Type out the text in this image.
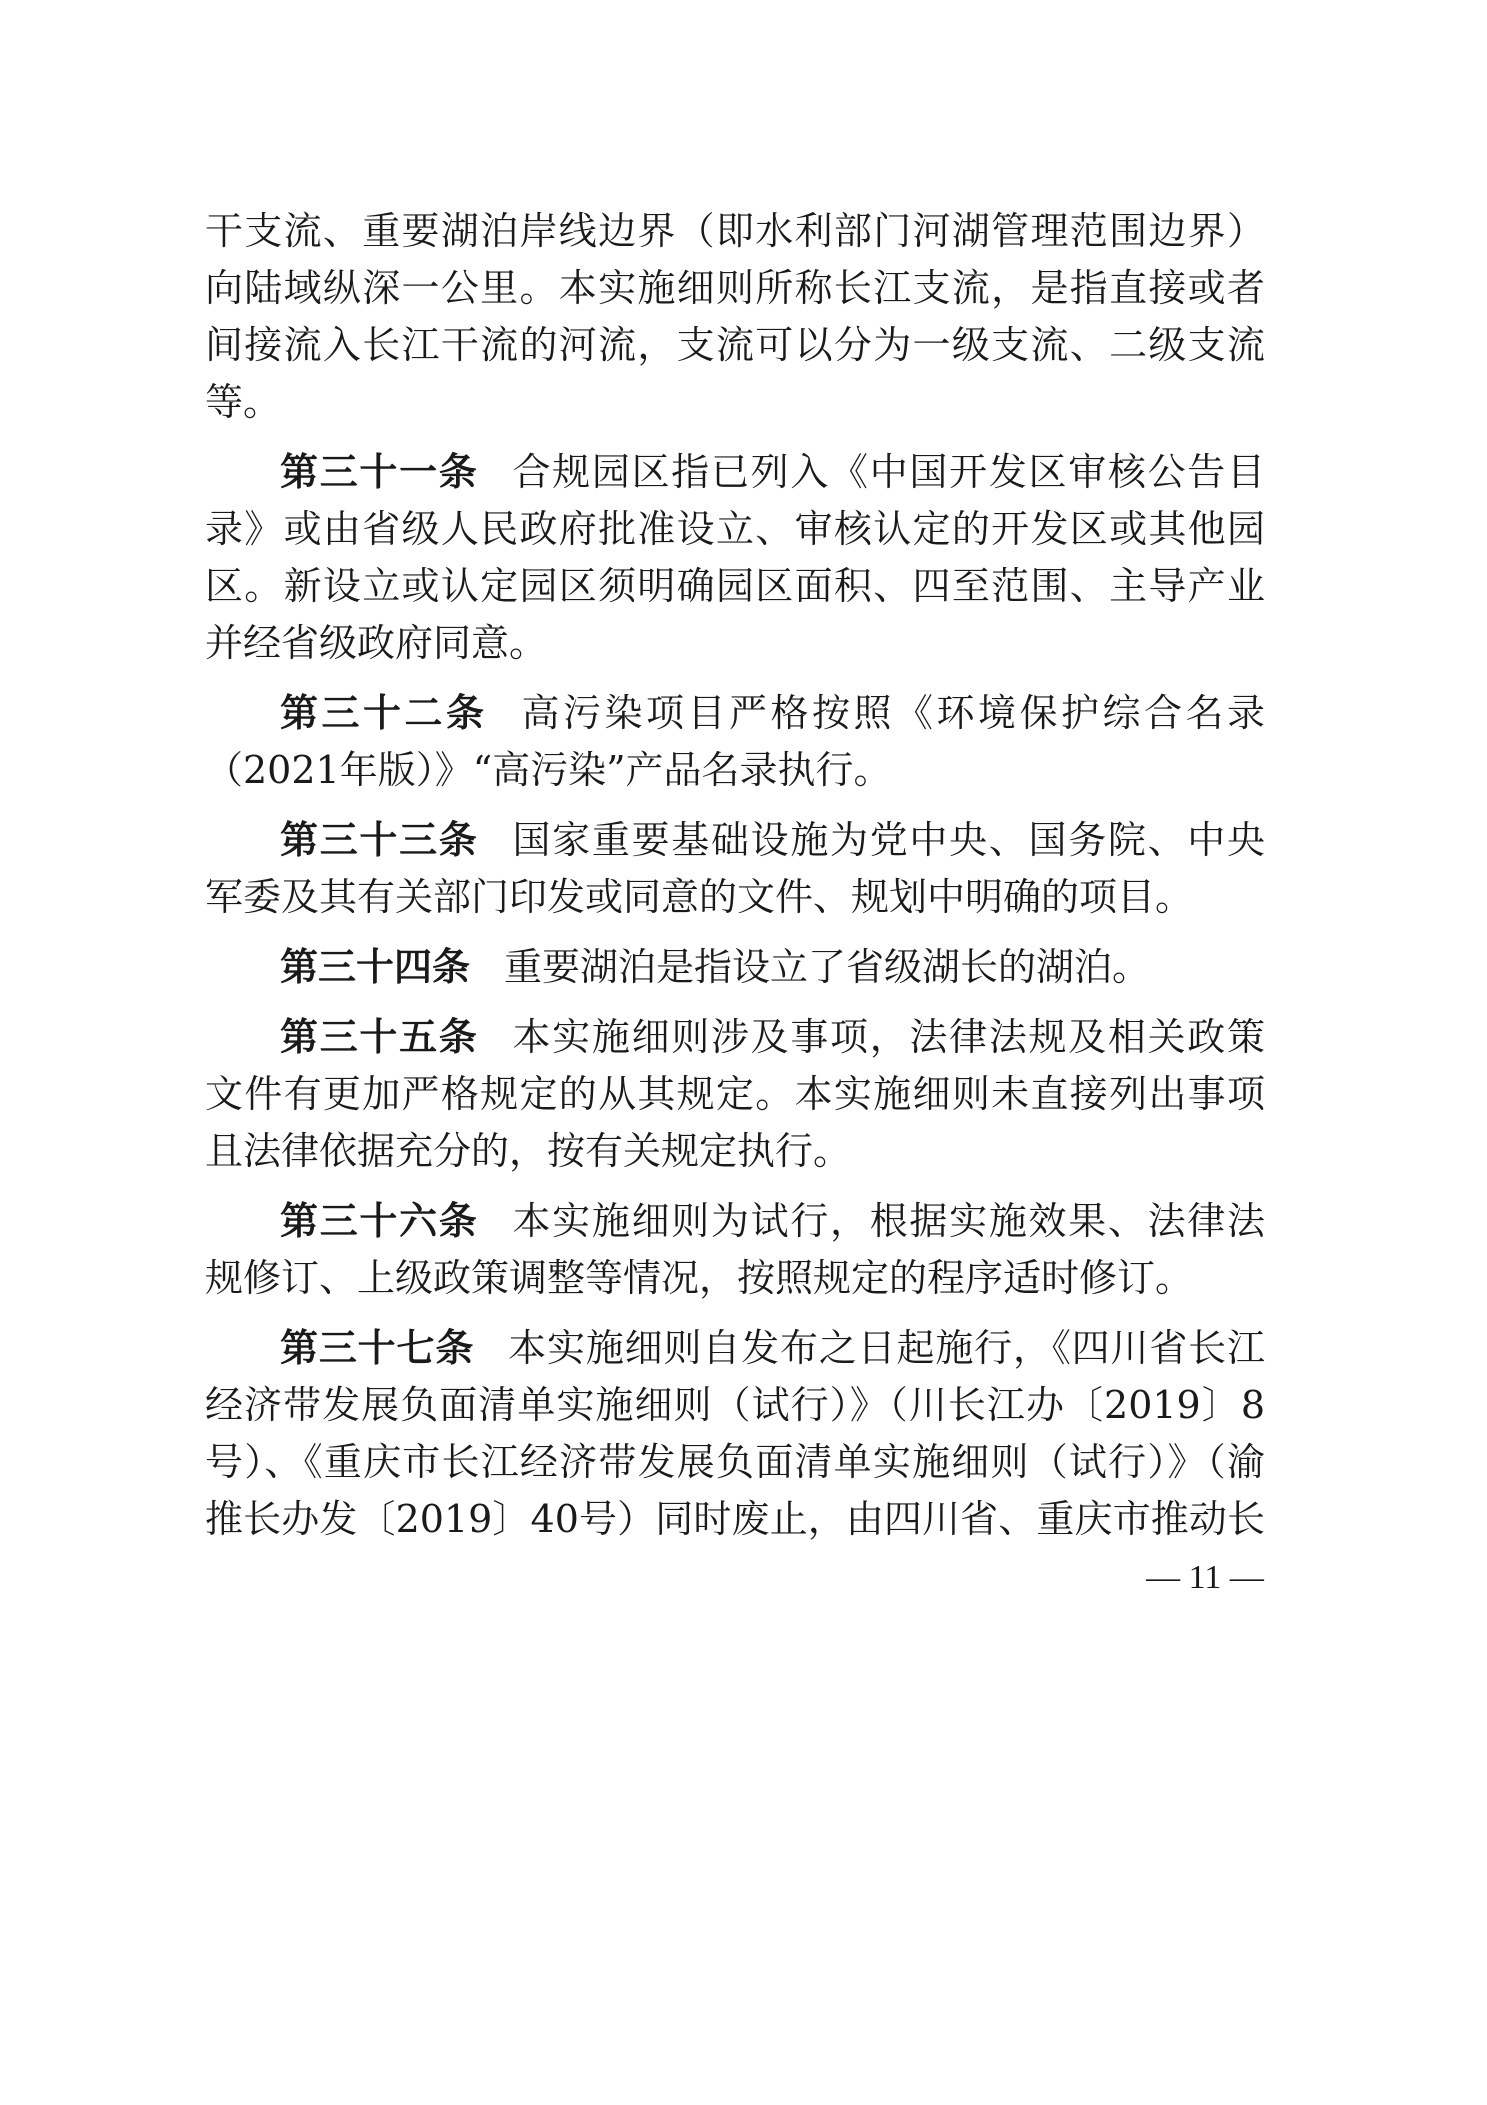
干支流、重要湖泊岸线边界（即水利部门河湖管理范围边界）
向陆域纵深一公里。本实施细则所称长江支流，是指直接或者
间接流入长江干流的河流，支流可以分为一级支流、二级支流
等。
第三十一条 合规园区指已列入《中国开发区审核公告目
录》或由省级人民政府批准设立、审核认定的开发区或其他园
区。新设立或认定园区须明确园区面积、四至范围、主导产业
并经省级政府同意。
第三十二条 高污染项目严格按照《环境保护综合名录
（2021年版）》“高污染”产品名录执行。
第三十三条 国家重要基础设施为党中央、国务院、中央
军委及其有关部门印发或同意的文件、规划中明确的项目。
第三十四条 重要湖泊是指设立了省级湖长的湖泊。
第三十五条 本实施细则涉及事项，法律法规及相关政策
文件有更加严格规定的从其规定。本实施细则未直接列出事项
且法律依据充分的，按有关规定执行。
第三十六条 本实施细则为试行，根据实施效果、法律法
规修订、上级政策调整等情况，按照规定的程序适时修订。
第三十七条 本实施细则自发布之日起施行，《四川省长江
经济带发展负面清单实施细则（试行）》（川长江办〔2019〕8
号）、《重庆市长江经济带发展负面清单实施细则（试行）》（渝
推长办发〔2019〕40号）同时废止，由四川省、重庆市推动长
— 11 —
